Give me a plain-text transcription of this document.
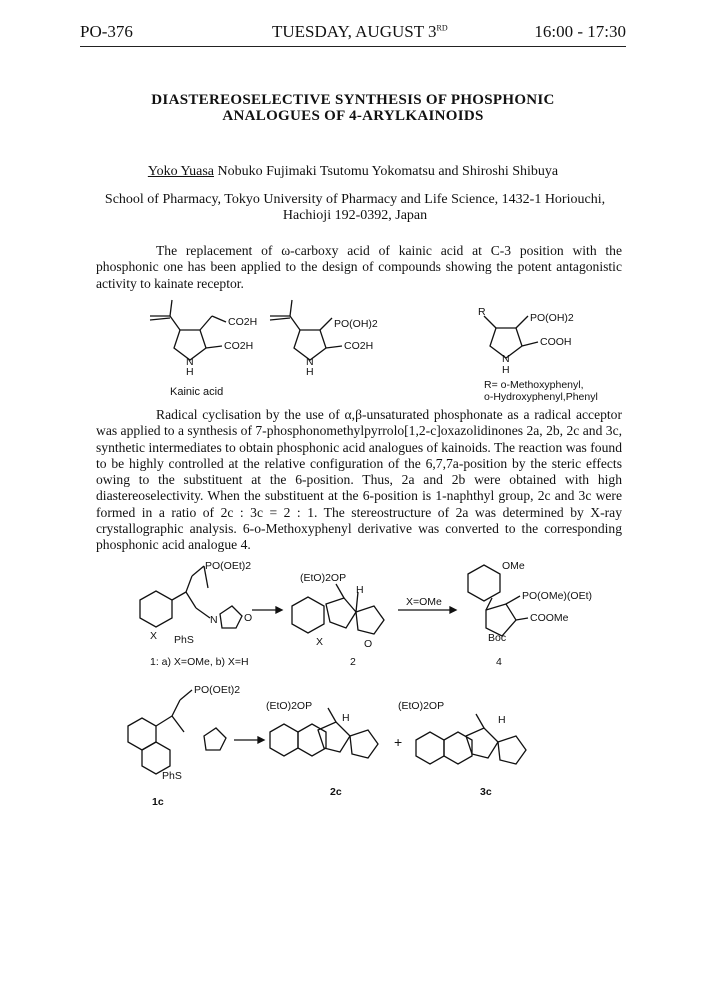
PO-376	TUESDAY, AUGUST 3RD	16:00 - 17:30
DIASTEREOSELECTIVE SYNTHESIS OF PHOSPHONIC
ANALOGUES OF 4-ARYLKAINOIDS
Yoko Yuasa Nobuko Fujimaki Tsutomu Yokomatsu and Shiroshi Shibuya
School of Pharmacy, Tokyo University of Pharmacy and Life Science, 1432-1 Horiouchi,
Hachioji 192-0392, Japan
The replacement of ω-carboxy acid of kainic acid at C-3 position with the phosphonic one has been applied to the design of compounds showing the potent antagonistic activity to kainate receptor.
CO2H
CO2H
N
H
Kainic acid
PO(OH)2
CO2H
N
H
R	PO(OH)2
COOH
N
H
R= o-Methoxyphenyl,
o-Hydroxyphenyl,Phenyl
Radical cyclisation by the use of α,β-unsaturated phosphonate as a radical acceptor was applied to a synthesis of 7-phosphonomethylpyrrolo[1,2-c]oxazolidinones 2a, 2b, 2c and 3c, synthetic intermediates to obtain phosphonic acid analogues of kainoids. The reaction was found to be highly controlled at the relative configuration of the 6,7,7a-position by the steric effects owing to the substituent at the 6-position. Thus, 2a and 2b were obtained with high diastereoselectivity. When the substituent at the 6-position is 1-naphthyl group, 2c and 3c were formed in a ratio of 2c : 3c = 2 : 1. The stereostructure of 2a was determined by X-ray crystallographic analysis. 6-o-Methoxyphenyl derivative was converted to the corresponding phosphonic acid analogue 4.
PO(OEt)2
X PhS
N	O
1: a) X=OMe, b) X=H
(EtO)2OP
H
X	O
2
X=OMe
OMe
PO(OMe)(OEt)
COOMe
Boc
4
PO(OEt)2
PhS
1c
(EtO)2OP
H
2c
+
(EtO)2OP
H
3c
